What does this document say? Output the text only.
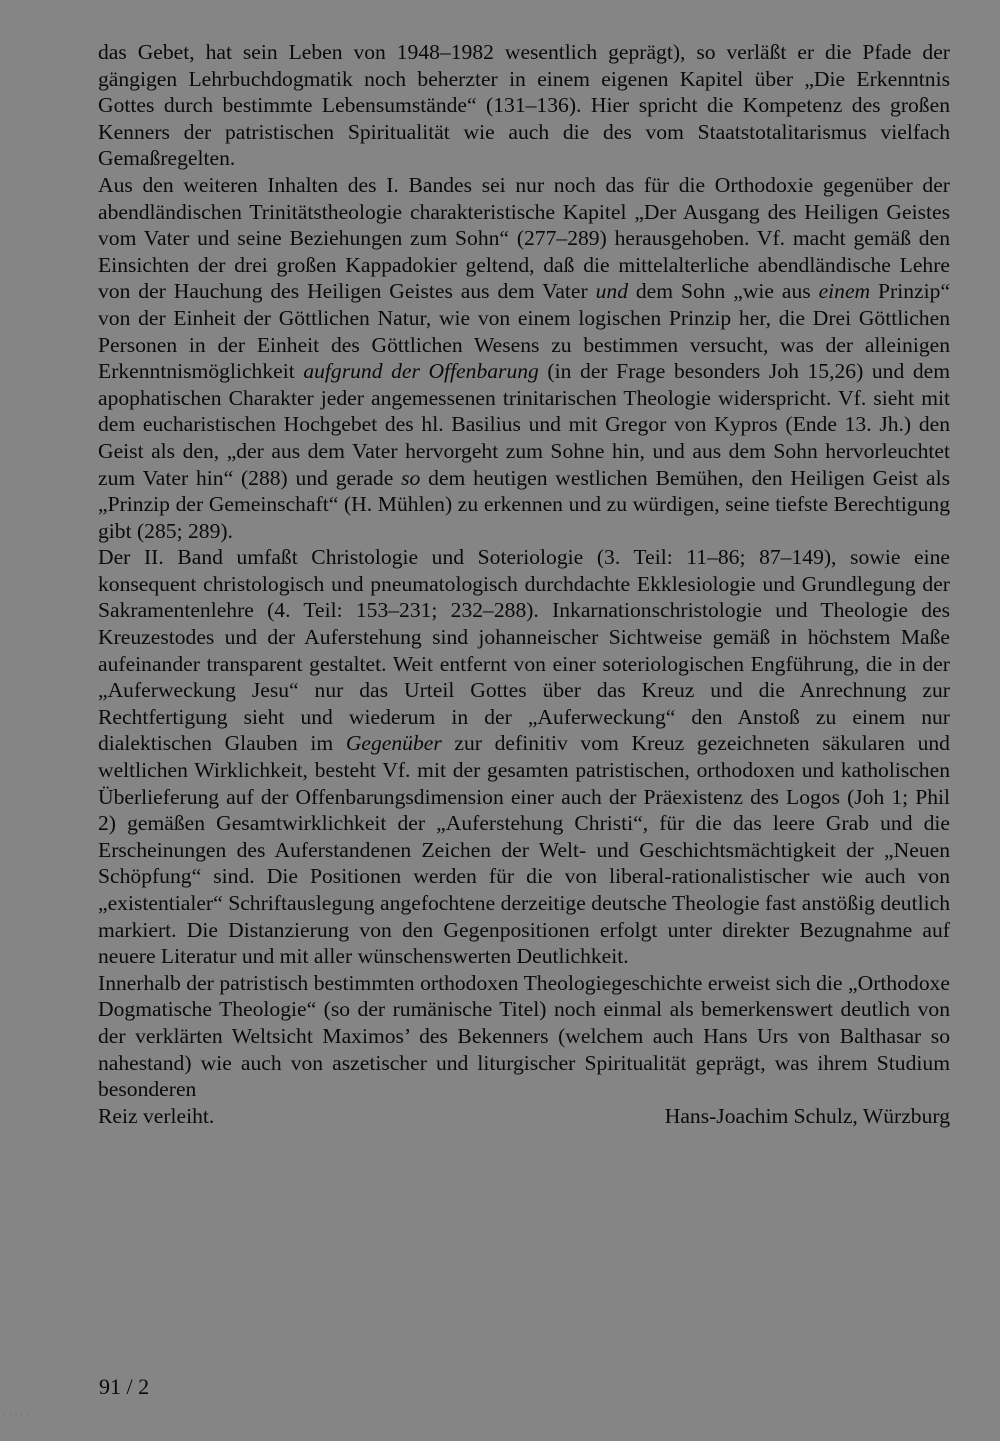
das Gebet, hat sein Leben von 1948–1982 wesentlich geprägt), so verläßt er die Pfade der gängigen Lehrbuchdogmatik noch beherzter in einem eigenen Kapitel über „Die Erkenntnis Gottes durch bestimmte Lebensumstände“ (131–136). Hier spricht die Kompetenz des großen Kenners der patristischen Spiritualität wie auch die des vom Staatstotalitarismus vielfach Gemaßregelten.

Aus den weiteren Inhalten des I. Bandes sei nur noch das für die Orthodoxie gegenüber der abendländischen Trinitätstheologie charakteristische Kapitel „Der Ausgang des Heiligen Geistes vom Vater und seine Beziehungen zum Sohn“ (277–289) herausgehoben. Vf. macht gemäß den Einsichten der drei großen Kappadokier geltend, daß die mittelalterliche abendländische Lehre von der Hauchung des Heiligen Geistes aus dem Vater und dem Sohn „wie aus einem Prinzip“ von der Einheit der Göttlichen Natur, wie von einem logischen Prinzip her, die Drei Göttlichen Personen in der Einheit des Göttlichen Wesens zu bestimmen versucht, was der alleinigen Erkenntnismöglichkeit aufgrund der Offenbarung (in der Frage besonders Joh 15,26) und dem apophatischen Charakter jeder angemessenen trinitarischen Theologie widerspricht. Vf. sieht mit dem eucharistischen Hochgebet des hl. Basilius und mit Gregor von Kypros (Ende 13. Jh.) den Geist als den, „der aus dem Vater hervorgeht zum Sohne hin, und aus dem Sohn hervorleuchtet zum Vater hin“ (288) und gerade so dem heutigen westlichen Bemühen, den Heiligen Geist als „Prinzip der Gemeinschaft“ (H. Mühlen) zu erkennen und zu würdigen, seine tiefste Berechtigung gibt (285; 289).

Der II. Band umfaßt Christologie und Soteriologie (3. Teil: 11–86; 87–149), sowie eine konsequent christologisch und pneumatologisch durchdachte Ekklesiologie und Grundlegung der Sakramentenlehre (4. Teil: 153–231; 232–288). Inkarnationschristologie und Theologie des Kreuzestodes und der Auferstehung sind johanneischer Sichtweise gemäß in höchstem Maße aufeinander transparent gestaltet. Weit entfernt von einer soteriologischen Engführung, die in der „Auferweckung Jesu“ nur das Urteil Gottes über das Kreuz und die Anrechnung zur Rechtfertigung sieht und wiederum in der „Auferweckung“ den Anstoß zu einem nur dialektischen Glauben im Gegenüber zur definitiv vom Kreuz gezeichneten säkularen und weltlichen Wirklichkeit, besteht Vf. mit der gesamten patristischen, orthodoxen und katholischen Überlieferung auf der Offenbarungsdimension einer auch der Präexistenz des Logos (Joh 1; Phil 2) gemäßen Gesamtwirklichkeit der „Auferstehung Christi“, für die das leere Grab und die Erscheinungen des Auferstandenen Zeichen der Welt- und Geschichtsmächtigkeit der „Neuen Schöpfung“ sind. Die Positionen werden für die von liberal-rationalistischer wie auch von „existentialer“ Schriftauslegung angefochtene derzeitige deutsche Theologie fast anstößig deutlich markiert. Die Distanzierung von den Gegenpositionen erfolgt unter direkter Bezugnahme auf neuere Literatur und mit aller wünschenswerten Deutlichkeit.

Innerhalb der patristisch bestimmten orthodoxen Theologiegeschichte erweist sich die „Orthodoxe Dogmatische Theologie“ (so der rumänische Titel) noch einmal als bemerkenswert deutlich von der verklärten Weltsicht Maximos’ des Bekenners (welchem auch Hans Urs von Balthasar so nahestand) wie auch von aszetischer und liturgischer Spiritualität geprägt, was ihrem Studium besonderen

Reiz verleiht.	Hans-Joachim Schulz, Würzburg

91 / 2
.....
